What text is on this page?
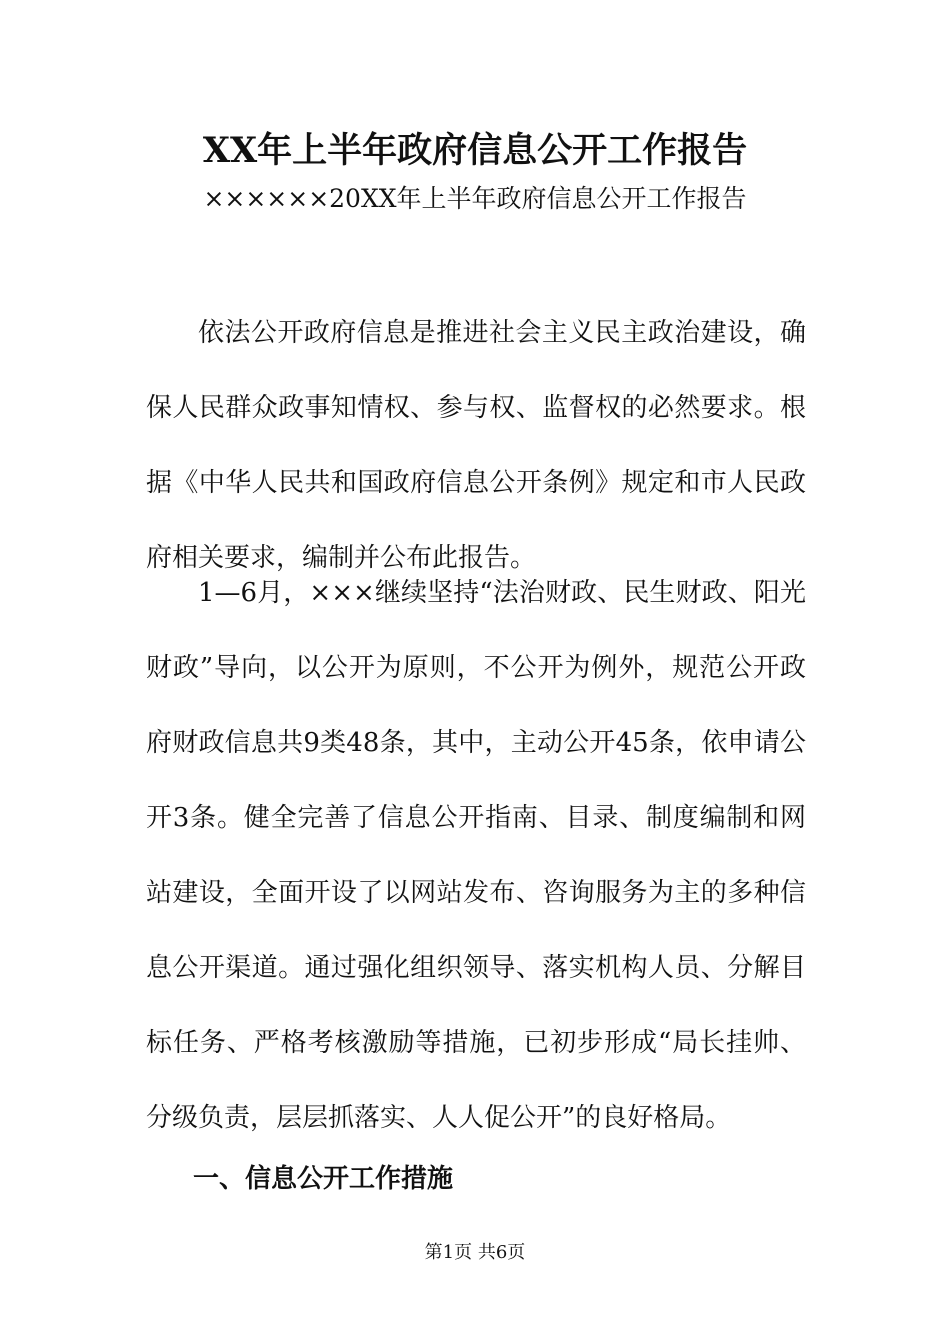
XX年上半年政府信息公开工作报告
××××××20XX年上半年政府信息公开工作报告

依法公开政府信息是推进社会主义民主政治建设，确保人民群众政事知情权、参与权、监督权的必然要求。根据《中华人民共和国政府信息公开条例》规定和市人民政府相关要求，编制并公布此报告。

1—6月，×××继续坚持“法治财政、民生财政、阳光财政”导向，以公开为原则，不公开为例外，规范公开政府财政信息共9类48条，其中，主动公开45条，依申请公开3条。健全完善了信息公开指南、目录、制度编制和网站建设，全面开设了以网站发布、咨询服务为主的多种信息公开渠道。通过强化组织领导、落实机构人员、分解目标任务、严格考核激励等措施，已初步形成“局长挂帅、分级负责，层层抓落实、人人促公开”的良好格局。

一、信息公开工作措施
第1页 共6页
